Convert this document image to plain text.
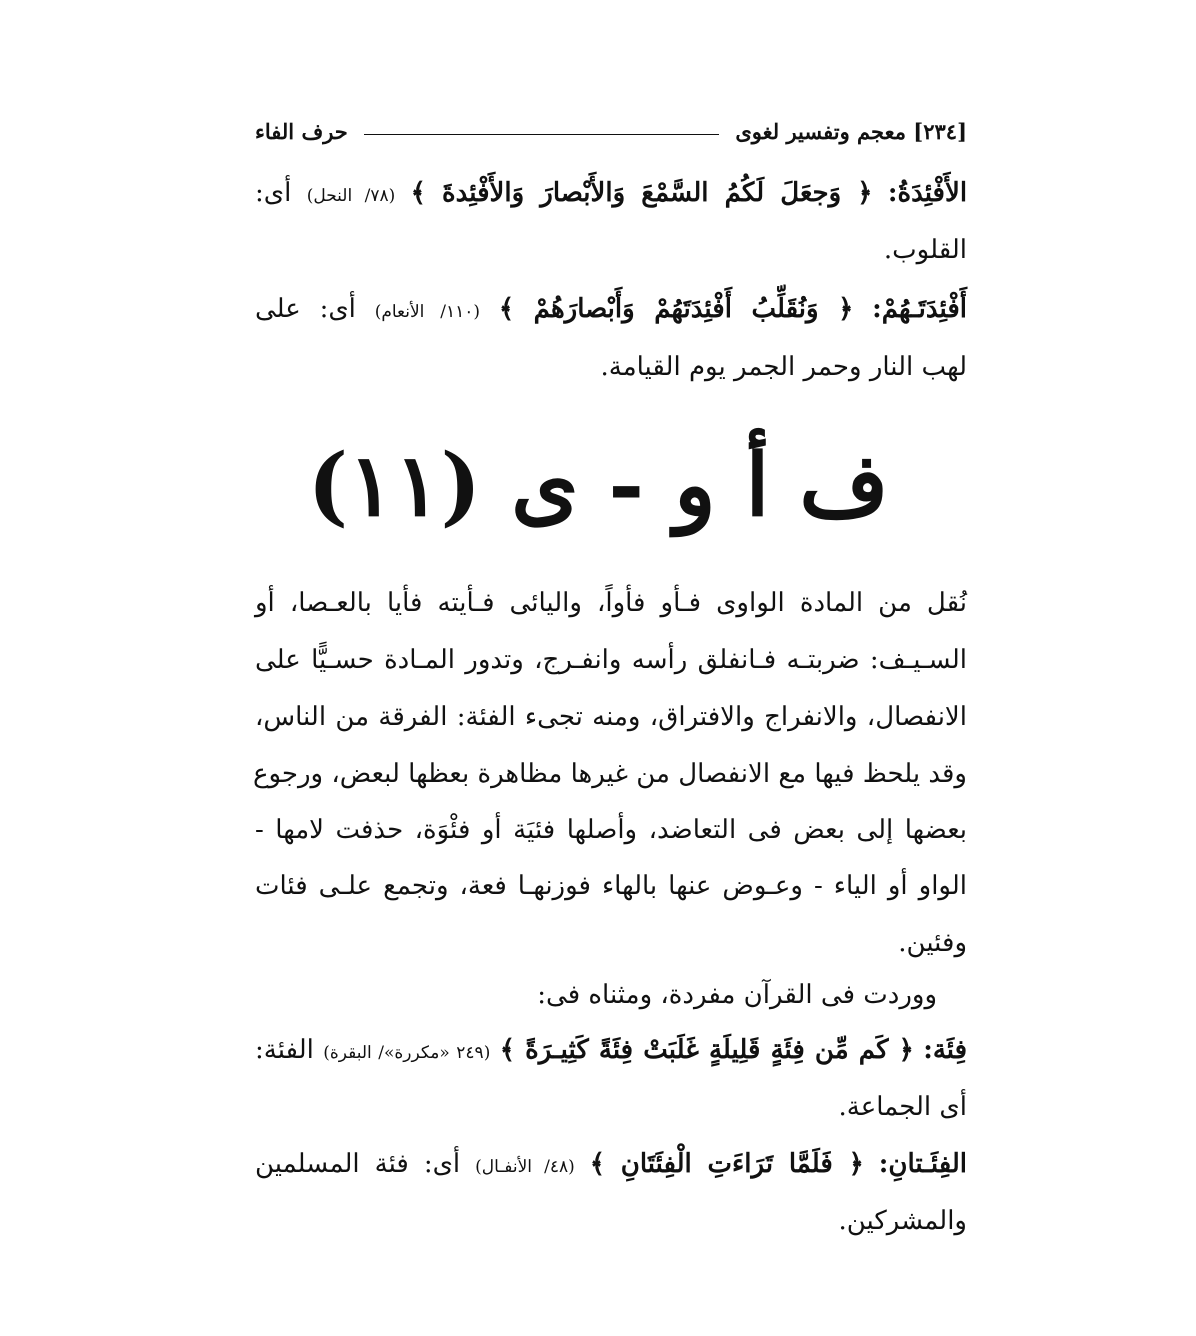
[٢٣٤] معجم وتفسير لغوى
حرف الفاء
الأَفْئِدَةُ: ﴿ وَجعَلَ لَكُمُ السَّمْعَ وَالأَبْصارَ وَالأَفْئِدةَ ﴾ (٧٨/ النحل) أى:
القلوب.
أَفْئِدَتَـهُمْ: ﴿ وَنُقَلِّبُ أَفْئِدَتَهُمْ وَأَبْصارَهُمْ ﴾ (١١٠/ الأنعام) أى: على
لهب النار وحمر الجمر يوم القيامة.
ف أ و - ى (١١)
نُقل من المادة الواوى فـأو فأواً، واليائى فـأيته فأيا بالعـصا، أو
السـيـف: ضربتـه فـانفلق رأسه وانفـرج، وتدور المـادة حسـيًّا على
الانفصال، والانفراج والافتراق، ومنه تجىء الفئة: الفرقة من الناس،
وقد يلحظ فيها مع الانفصال من غيرها مظاهرة بعظها لبعض، ورجوع
بعضها إلى بعض فى التعاضد، وأصلها فئيَة أو فئْوَة، حذفت لامها -
الواو أو الياء - وعـوض عنها بالهاء فوزنهـا فعة، وتجمع علـى فئات
وفئين.
ووردت فى القرآن مفردة، ومثناه فى:
فِئَة: ﴿ كَم مِّن فِئَةٍ قَلِيلَةٍ غَلَبَتْ فِئَةً كَثِيـرَةً ﴾ (٢٤٩ «مكررة»/ البقرة) الفئة:
أى الجماعة.
الفِئَـتانِ: ﴿ فَلَمَّا تَرَاءَتِ الْفِئَتَانِ ﴾ (٤٨/ الأنفـال) أى: فئة المسلمين
والمشركين.
